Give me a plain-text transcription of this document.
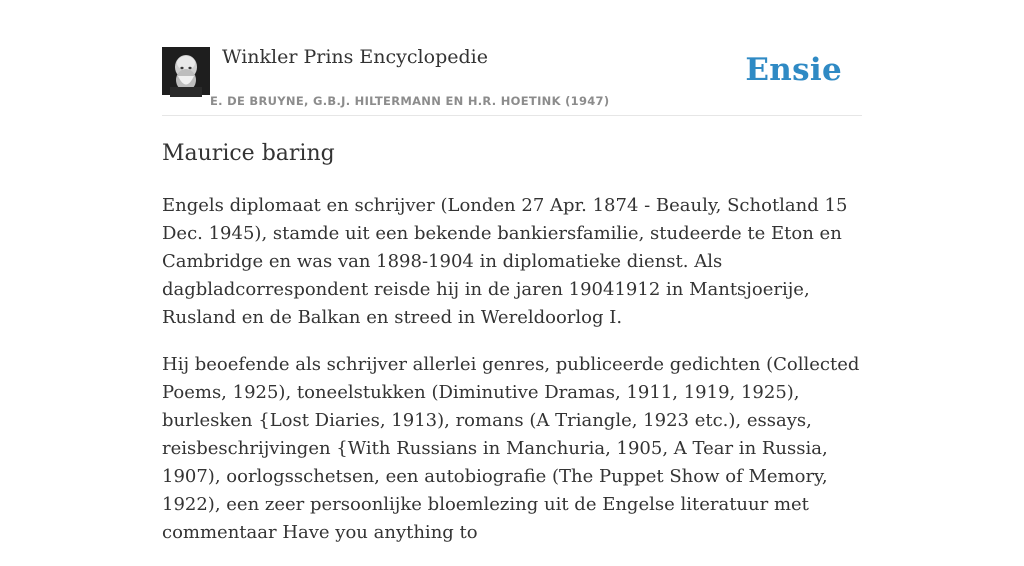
Winkler Prins Encyclopedie
E. DE BRUYNE, G.B.J. HILTERMANN EN H.R. HOETINK (1947)
Ensie
Maurice baring

Engels diplomaat en schrijver (Londen 27 Apr. 1874 - Beauly, Schotland 15 Dec. 1945), stamde uit een bekende bankiersfamilie, studeerde te Eton en Cambridge en was van 1898-1904 in diplomatieke dienst. Als dagbladcorrespondent reisde hij in de jaren 19041912 in Mantsjoerije, Rusland en de Balkan en streed in Wereldoorlog I.

Hij beoefende als schrijver allerlei genres, publiceerde gedichten (Collected Poems, 1925), toneelstukken (Diminutive Dramas, 1911, 1919, 1925), burlesken {Lost Diaries, 1913), romans (A Triangle, 1923 etc.), essays, reisbeschrijvingen {With Russians in Manchuria, 1905, A Tear in Russia, 1907), oorlogsschetsen, een autobiografie (The Puppet Show of Memory, 1922), een zeer persoonlijke bloemlezing uit de Engelse literatuur met commentaar Have you anything to
